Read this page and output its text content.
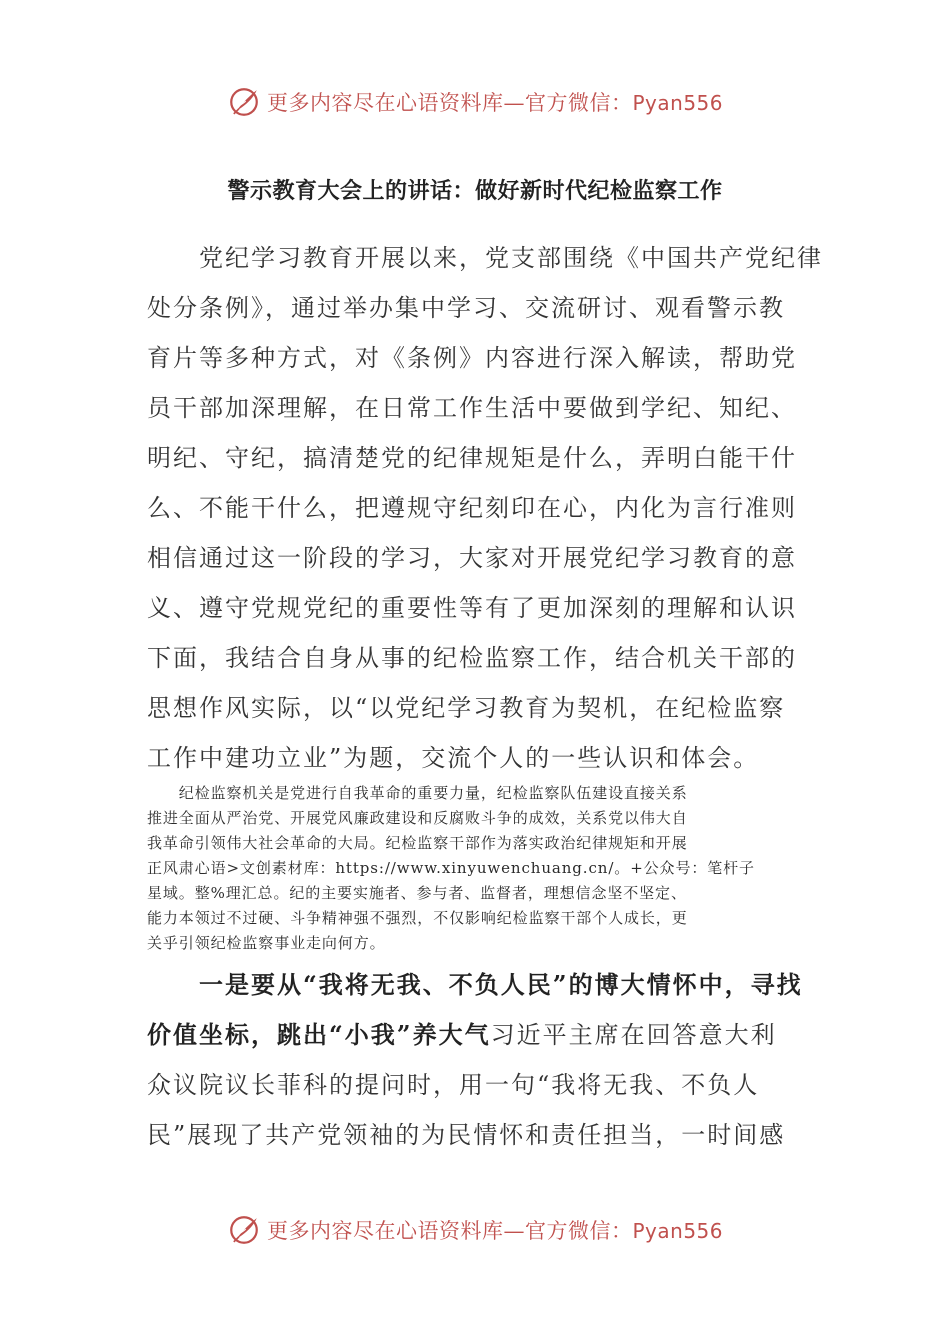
更多内容尽在心语资料库—官方微信：Pyan556
警示教育大会上的讲话：做好新时代纪检监察工作
　　党纪学习教育开展以来，党支部围绕《中国共产党纪律
处分条例》，通过举办集中学习、交流研讨、观看警示教
育片等多种方式，对《条例》内容进行深入解读，帮助党
员干部加深理解，在日常工作生活中要做到学纪、知纪、
明纪、守纪，搞清楚党的纪律规矩是什么，弄明白能干什
么、不能干什么，把遵规守纪刻印在心，内化为言行准则
相信通过这一阶段的学习，大家对开展党纪学习教育的意
义、遵守党规党纪的重要性等有了更加深刻的理解和认识
下面，我结合自身从事的纪检监察工作，结合机关干部的
思想作风实际，以“以党纪学习教育为契机，在纪检监察
工作中建功立业”为题，交流个人的一些认识和体会。
　　纪检监察机关是党进行自我革命的重要力量，纪检监察队伍建设直接关系
推进全面从严治党、开展党风廉政建设和反腐败斗争的成效，关系党以伟大自
我革命引领伟大社会革命的大局。纪检监察干部作为落实政治纪律规矩和开展
正风肃心语>文创素材库：https://www.xinyuwenchuang.cn/。+公众号：笔杆子
星域。整%理汇总。纪的主要实施者、参与者、监督者，理想信念坚不坚定、
能力本领过不过硬、斗争精神强不强烈，不仅影响纪检监察干部个人成长，更
关乎引领纪检监察事业走向何方。
　　一是要从“我将无我、不负人民”的博大情怀中，寻找
价值坐标，跳出“小我”养大气习近平主席在回答意大利
众议院议长菲科的提问时，用一句“我将无我、不负人
民”展现了共产党领袖的为民情怀和责任担当，一时间感
更多内容尽在心语资料库—官方微信：Pyan556
